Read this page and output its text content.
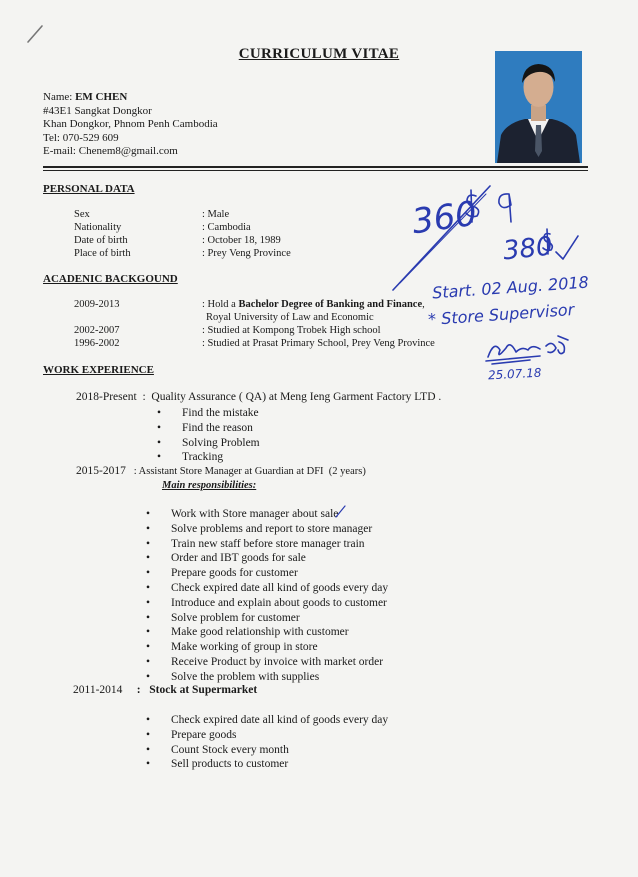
CURRICULUM VITAE
Name: EM CHEN
#43E1 Sangkat Dongkor
Khan Dongkor, Phnom Penh Cambodia
Tel: 070-529 609
E-mail: Chenem8@gmail.com
PERSONAL DATA
Sex	: Male
Nationality	: Cambodia
Date of birth	: October 18, 1989
Place of birth	: Prey Veng Province
ACADENIC BACKGOUND
2009-2013	: Hold a Bachelor Degree of Banking and Finance,
Royal University of Law and Economic
2002-2007	: Studied at Kompong Trobek High school
1996-2002	: Studied at Prasat Primary School, Prey Veng Province
WORK EXPERIENCE
2018-Present  :  Quality Assurance ( QA) at Meng Ieng Garment Factory LTD .
• Find the mistake
• Find the reason
• Solving Problem
• Tracking
2015-2017   : Assistant Store Manager at Guardian at DFI  (2 years)
Main responsibilities:
• Work with Store manager about sale
• Solve problems and report to store manager
• Train new staff before store manager train
• Order and IBT goods for sale
• Prepare goods for customer
• Check expired date all kind of goods every day
• Introduce and explain about goods to customer
• Solve problem for customer
• Make good relationship with customer
• Make working of group in store
• Receive Product by invoice with market order
• Solve the problem with supplies
2011-2014     :   Stock at Supermarket
• Check expired date all kind of goods every day
• Prepare goods
• Count Stock every month
• Sell products to customer
360
380
Start. 02 Aug. 2018
* Store Supervisor
25.07.18
